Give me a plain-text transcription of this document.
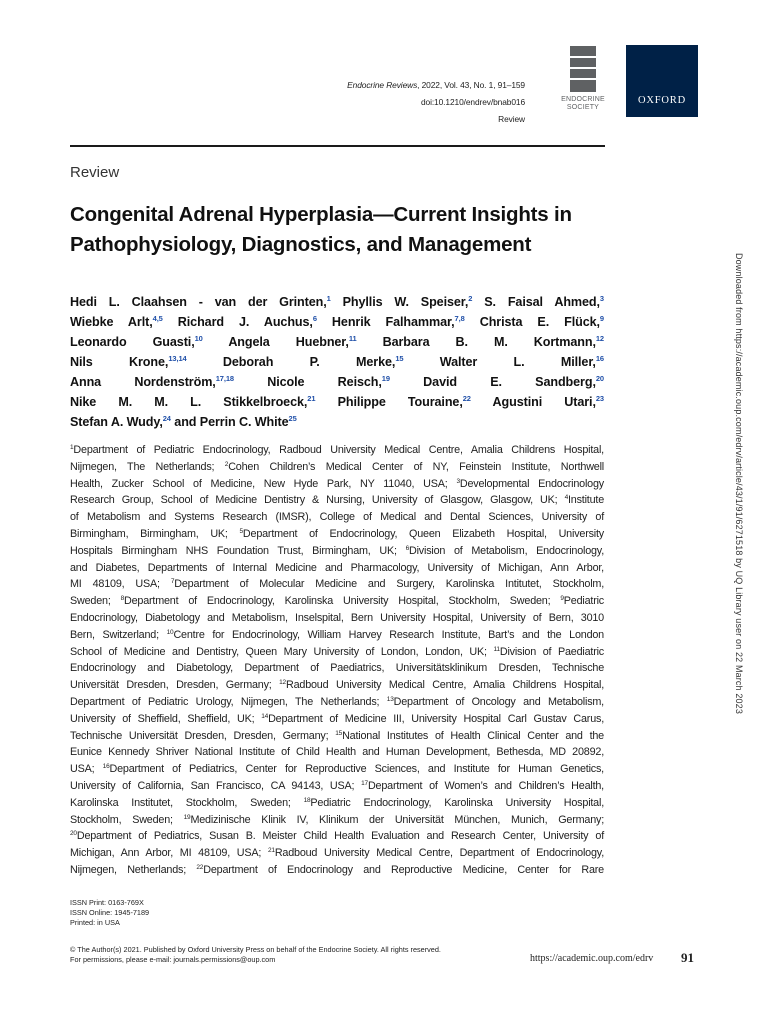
Endocrine Reviews, 2022, Vol. 43, No. 1, 91–159
doi:10.1210/endrev/bnab016
Review
ENDOCRINE
SOCIETY
OXFORD
Review
Congenital Adrenal Hyperplasia—Current Insights in Pathophysiology, Diagnostics, and Management
Hedi L. Claahsen - van der Grinten,$^1$ Phyllis W. Speiser,$^2$ S. Faisal Ahmed,$^3$
Wiebke Arlt,$^{4,5}$ Richard J. Auchus,$^6$ Henrik Falhammar,$^{7,8}$ Christa E. Flück,$^9$
Leonardo Guasti,$^{10}$ Angela Huebner,$^{11}$ Barbara B. M. Kortmann,$^{12}$
Nils Krone,$^{13,14}$ Deborah P. Merke,$^{15}$ Walter L. Miller,$^{16}$
Anna Nordenström,$^{17,18}$ Nicole Reisch,$^{19}$ David E. Sandberg,$^{20}$
Nike M. M. L. Stikkelbroeck,$^{21}$ Philippe Touraine,$^{22}$ Agustini Utari,$^{23}$
Stefan A. Wudy,$^{24}$ and Perrin C. White$^{25}$
$^1$Department of Pediatric Endocrinology, Radboud University Medical Centre, Amalia Childrens Hospital,
Nijmegen, The Netherlands; $^2$Cohen Children’s Medical Center of NY, Feinstein Institute, Northwell
Health, Zucker School of Medicine, New Hyde Park, NY 11040, USA; $^3$Developmental Endocrinology
Research Group, School of Medicine Dentistry & Nursing, University of Glasgow, Glasgow, UK; $^4$Institute
of Metabolism and Systems Research (IMSR), College of Medical and Dental Sciences, University of
Birmingham, Birmingham, UK; $^5$Department of Endocrinology, Queen Elizabeth Hospital, University
Hospitals Birmingham NHS Foundation Trust, Birmingham, UK; $^6$Division of Metabolism, Endocrinology,
and Diabetes, Departments of Internal Medicine and Pharmacology, University of Michigan, Ann Arbor,
MI 48109, USA; $^7$Department of Molecular Medicine and Surgery, Karolinska Intitutet, Stockholm,
Sweden; $^8$Department of Endocrinology, Karolinska University Hospital, Stockholm, Sweden; $^9$Pediatric
Endocrinology, Diabetology and Metabolism, Inselspital, Bern University Hospital, University of Bern, 3010
Bern, Switzerland; $^{10}$Centre for Endocrinology, William Harvey Research Institute, Bart’s and the London
School of Medicine and Dentistry, Queen Mary University of London, London, UK; $^{11}$Division of Paediatric
Endocrinology and Diabetology, Department of Paediatrics, Universitätsklinikum Dresden, Technische
Universität Dresden, Dresden, Germany; $^{12}$Radboud University Medical Centre, Amalia Childrens Hospital,
Department of Pediatric Urology, Nijmegen, The Netherlands; $^{13}$Department of Oncology and Metabolism,
University of Sheffield, Sheffield, UK; $^{14}$Department of Medicine III, University Hospital Carl Gustav Carus,
Technische Universität Dresden, Dresden, Germany; $^{15}$National Institutes of Health Clinical Center and the
Eunice Kennedy Shriver National Institute of Child Health and Human Development, Bethesda, MD 20892,
USA; $^{16}$Department of Pediatrics, Center for Reproductive Sciences, and Institute for Human Genetics,
University of California, San Francisco, CA 94143, USA; $^{17}$Department of Women’s and Children’s Health,
Karolinska Institutet, Stockholm, Sweden; $^{18}$Pediatric Endocrinology, Karolinska University Hospital,
Stockholm, Sweden; $^{19}$Medizinische Klinik IV, Klinikum der Universität München, Munich, Germany;
$^{20}$Department of Pediatrics, Susan B. Meister Child Health Evaluation and Research Center, University of
Michigan, Ann Arbor, MI 48109, USA; $^{21}$Radboud University Medical Centre, Department of Endocrinology,
Nijmegen, Netherlands; $^{22}$Department of Endocrinology and Reproductive Medicine, Center for Rare
ISSN Print: 0163-769X
ISSN Online: 1945-7189
Printed: in USA
© The Author(s) 2021. Published by Oxford University Press on behalf of the Endocrine Society. All rights reserved.
For permissions, please e-mail: journals.permissions@oup.com	https://academic.oup.com/edrv 91
Downloaded from https://academic.oup.com/edrv/article/43/1/91/6271518 by UQ Library user on 22 March 2023
